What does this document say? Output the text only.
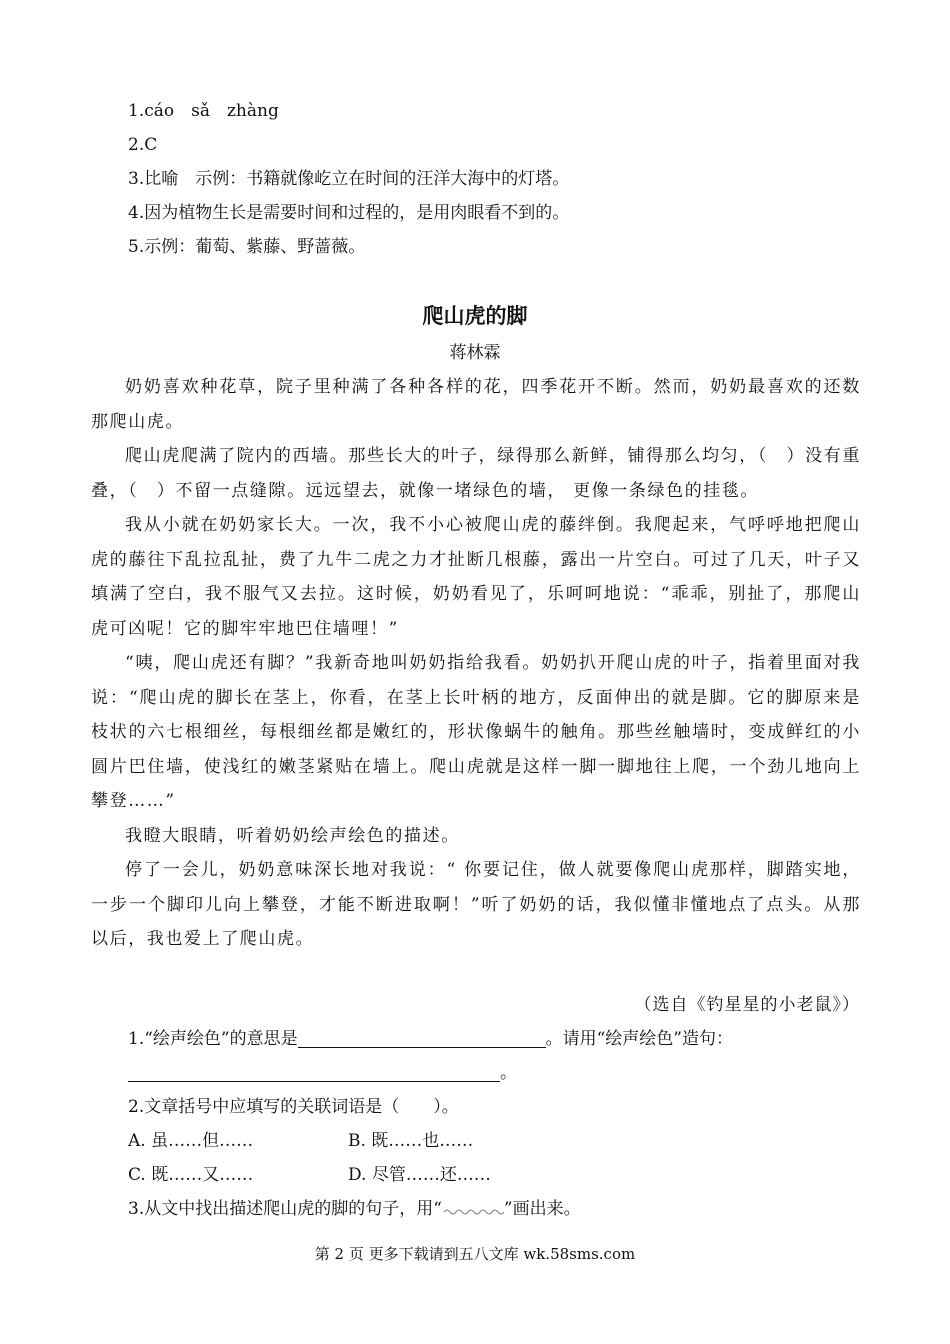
1.cáo　sǎ　zhàng
2.C
3.比喻　示例：书籍就像屹立在时间的汪洋大海中的灯塔。
4.因为植物生长是需要时间和过程的，是用肉眼看不到的。
5.示例：葡萄、紫藤、野蔷薇。
爬山虎的脚
蒋林霖

奶奶喜欢种花草，院子里种满了各种各样的花，四季花开不断。然而，奶奶最喜欢的还数那爬山虎。

爬山虎爬满了院内的西墙。那些长大的叶子，绿得那么新鲜，铺得那么均匀，（　）没有重叠，（　）不留一点缝隙。远远望去，就像一堵绿色的墙， 更像一条绿色的挂毯。

我从小就在奶奶家长大。一次，我不小心被爬山虎的藤绊倒。我爬起来，气呼呼地把爬山虎的藤往下乱拉乱扯，费了九牛二虎之力才扯断几根藤，露出一片空白。可过了几天，叶子又填满了空白，我不服气又去拉。这时候，奶奶看见了，乐呵呵地说：“乖乖，别扯了，那爬山虎可凶呢！它的脚牢牢地巴住墙哩！”

“咦，爬山虎还有脚？”我新奇地叫奶奶指给我看。奶奶扒开爬山虎的叶子，指着里面对我说：“爬山虎的脚长在茎上，你看，在茎上长叶柄的地方，反面伸出的就是脚。它的脚原来是枝状的六七根细丝，每根细丝都是嫩红的，形状像蜗牛的触角。那些丝触墙时，变成鲜红的小圆片巴住墙，使浅红的嫩茎紧贴在墙上。爬山虎就是这样一脚一脚地往上爬，一个劲儿地向上攀登……”

我瞪大眼睛，听着奶奶绘声绘色的描述。

停了一会儿，奶奶意味深长地对我说：“ 你要记住，做人就要像爬山虎那样，脚踏实地，一步一个脚印儿向上攀登，才能不断进取啊！”听了奶奶的话，我似懂非懂地点了点头。从那以后，我也爱上了爬山虎。

（选自《钓星星的小老鼠》）
1.“绘声绘色”的意思是	。请用“绘声绘色”造句：
。
2.文章括号中应填写的关联词语是（　　）。
A. 虽……但……	B. 既……也……
C. 既……又……	D. 尽管……还……
3.从文中找出描述爬山虎的脚的句子，用“	”画出来。
第 2 页 更多下载请到五八文库 wk.58sms.com
